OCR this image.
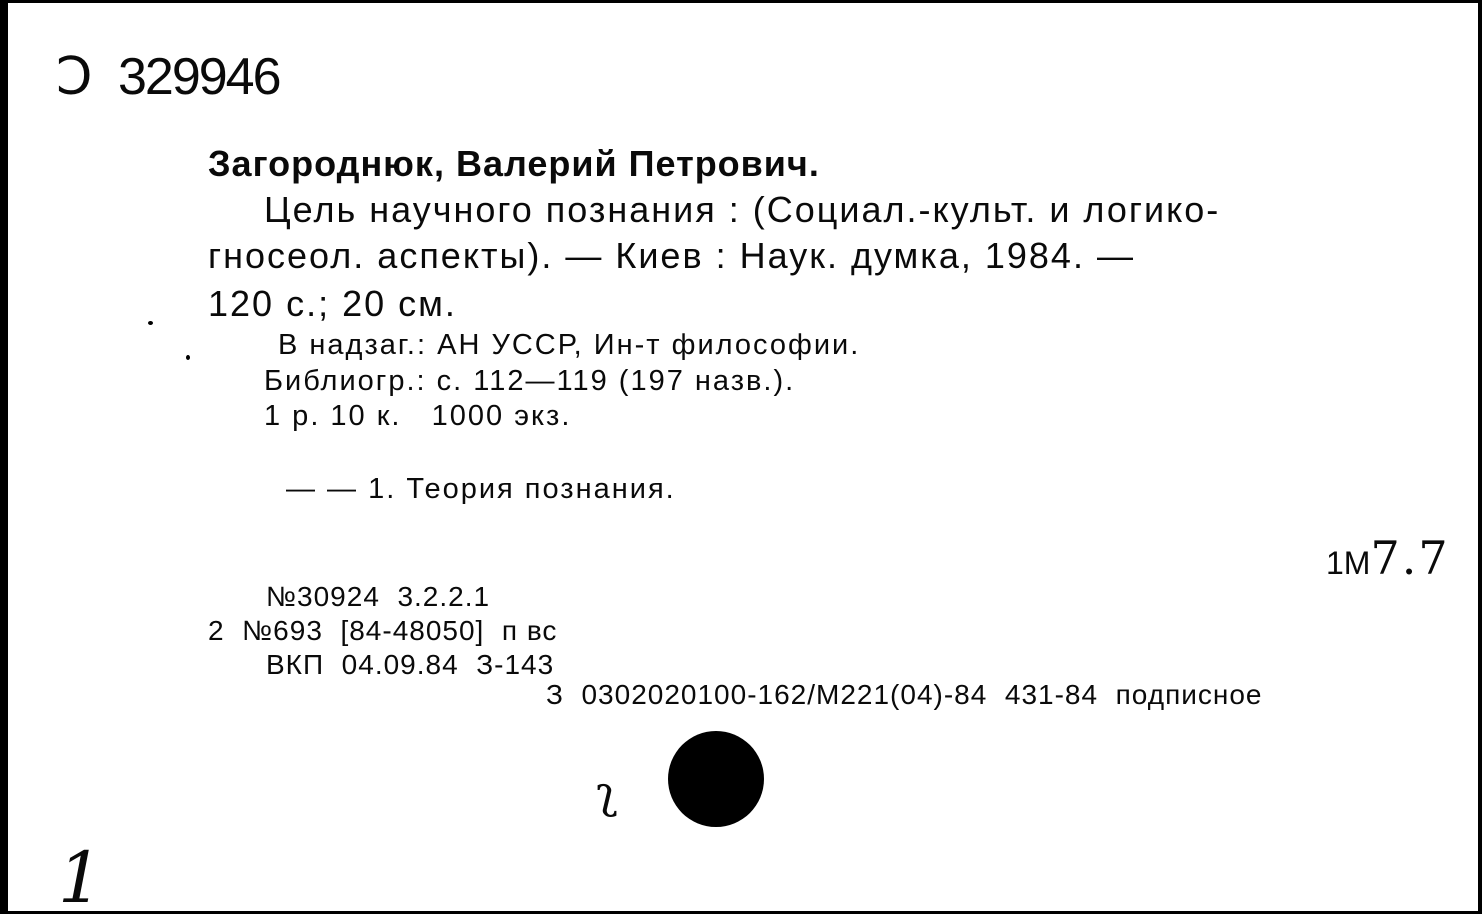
Ɔ 329946
Загороднюк, Валерий Петрович.
Цель научного познания : (Социал.-культ. и логико-
гносеол. аспекты). — Киев : Наук. думка, 1984. —
120 с.; 20 см.
В надзаг.: АН УССР, Ин-т философии.
Библиогр.: с. 112—119 (197 назв.).
1 р. 10 к.   1000 экз.
— — 1. Теория познания.
1М7.7
№30924  3.2.2.1
2  №693  [84-48050]  п вс
ВКП  04.09.84  З-143
З  0302020100-162/М221(04)-84  431-84  подписное
ʅ
1
